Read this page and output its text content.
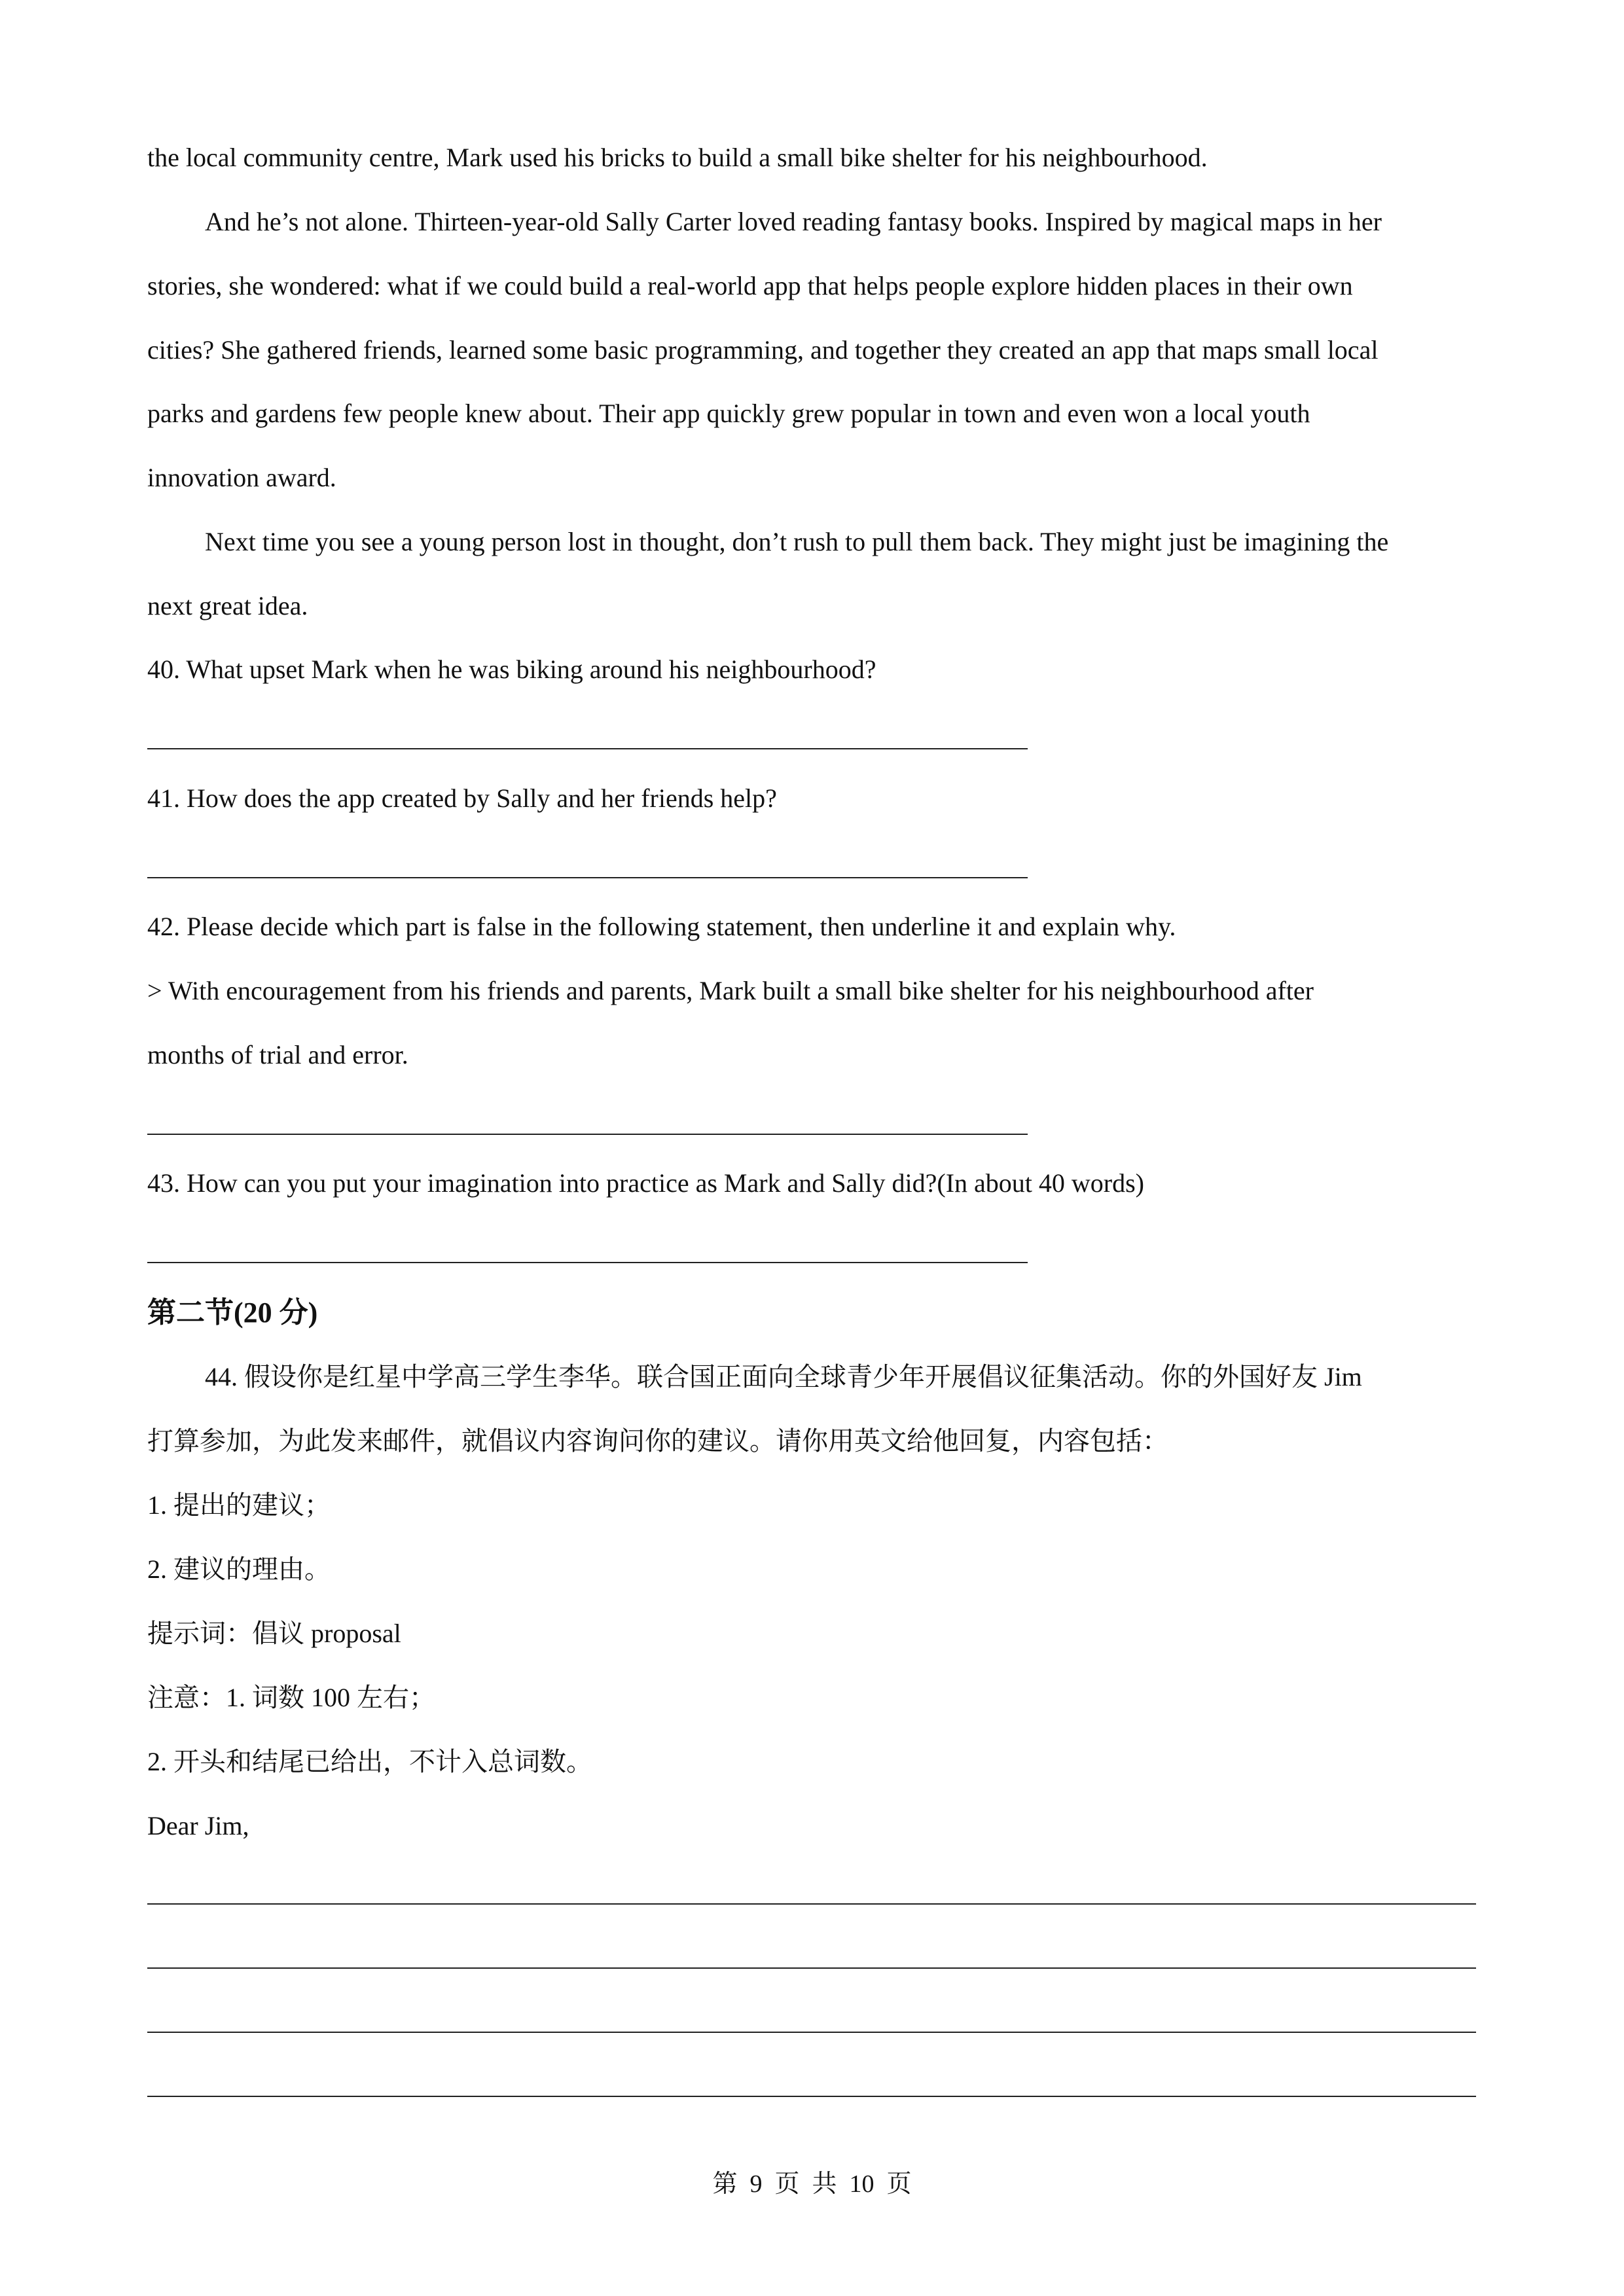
the local community centre, Mark used his bricks to build a small bike shelter for his neighbourhood.
And he’s not alone. Thirteen-year-old Sally Carter loved reading fantasy books. Inspired by magical maps in her
stories, she wondered: what if we could build a real-world app that helps people explore hidden places in their own
cities? She gathered friends, learned some basic programming, and together they created an app that maps small local
parks and gardens few people knew about. Their app quickly grew popular in town and even won a local youth
innovation award.
Next time you see a young person lost in thought, don’t rush to pull them back. They might just be imagining the
next great idea.
40. What upset Mark when he was biking around his neighbourhood?
41. How does the app created by Sally and her friends help?
42. Please decide which part is false in the following statement, then underline it and explain why.
> With encouragement from his friends and parents, Mark built a small bike shelter for his neighbourhood after
months of trial and error.
43. How can you put your imagination into practice as Mark and Sally did?(In about 40 words)
第二节(20 分)
44. 假设你是红星中学高三学生李华。联合国正面向全球青少年开展倡议征集活动。你的外国好友 Jim
打算参加，为此发来邮件，就倡议内容询问你的建议。请你用英文给他回复，内容包括：
1. 提出的建议；
2. 建议的理由。
提示词：倡议 proposal
注意：1. 词数 100 左右；
2. 开头和结尾已给出，不计入总词数。
Dear Jim,
第  9  页  共  10  页
